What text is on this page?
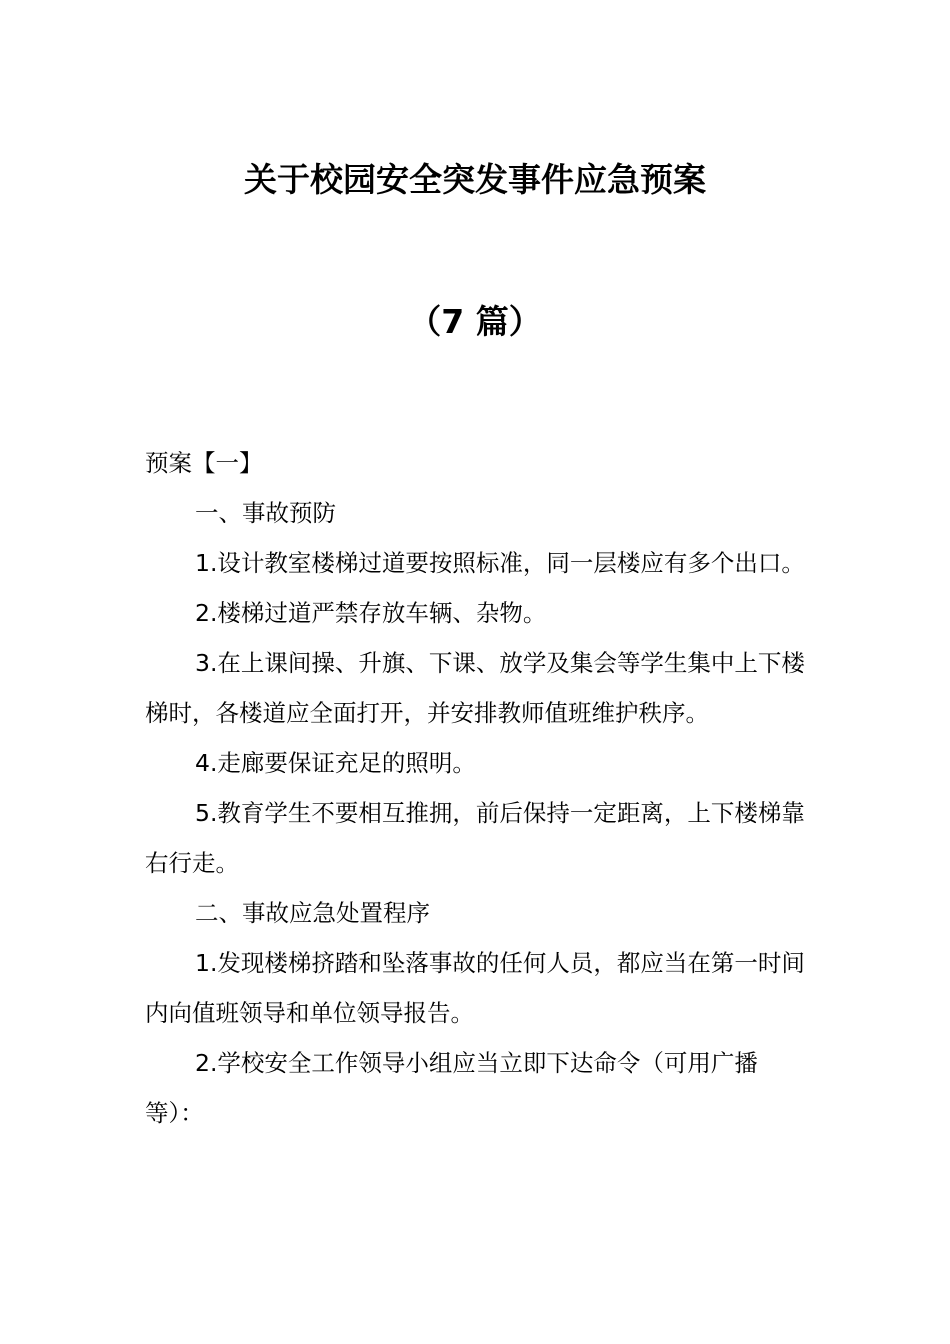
关于校园安全突发事件应急预案
（7 篇）

预案【一】

一、事故预防

1.设计教室楼梯过道要按照标准，同一层楼应有多个出口。

2.楼梯过道严禁存放车辆、杂物。

3.在上课间操、升旗、下课、放学及集会等学生集中上下楼梯时，各楼道应全面打开，并安排教师值班维护秩序。

4.走廊要保证充足的照明。

5.教育学生不要相互推拥，前后保持一定距离，上下楼梯靠右行走。

二、事故应急处置程序

1.发现楼梯挤踏和坠落事故的任何人员，都应当在第一时间内向值班领导和单位领导报告。

2.学校安全工作领导小组应当立即下达命令（可用广播等）：
